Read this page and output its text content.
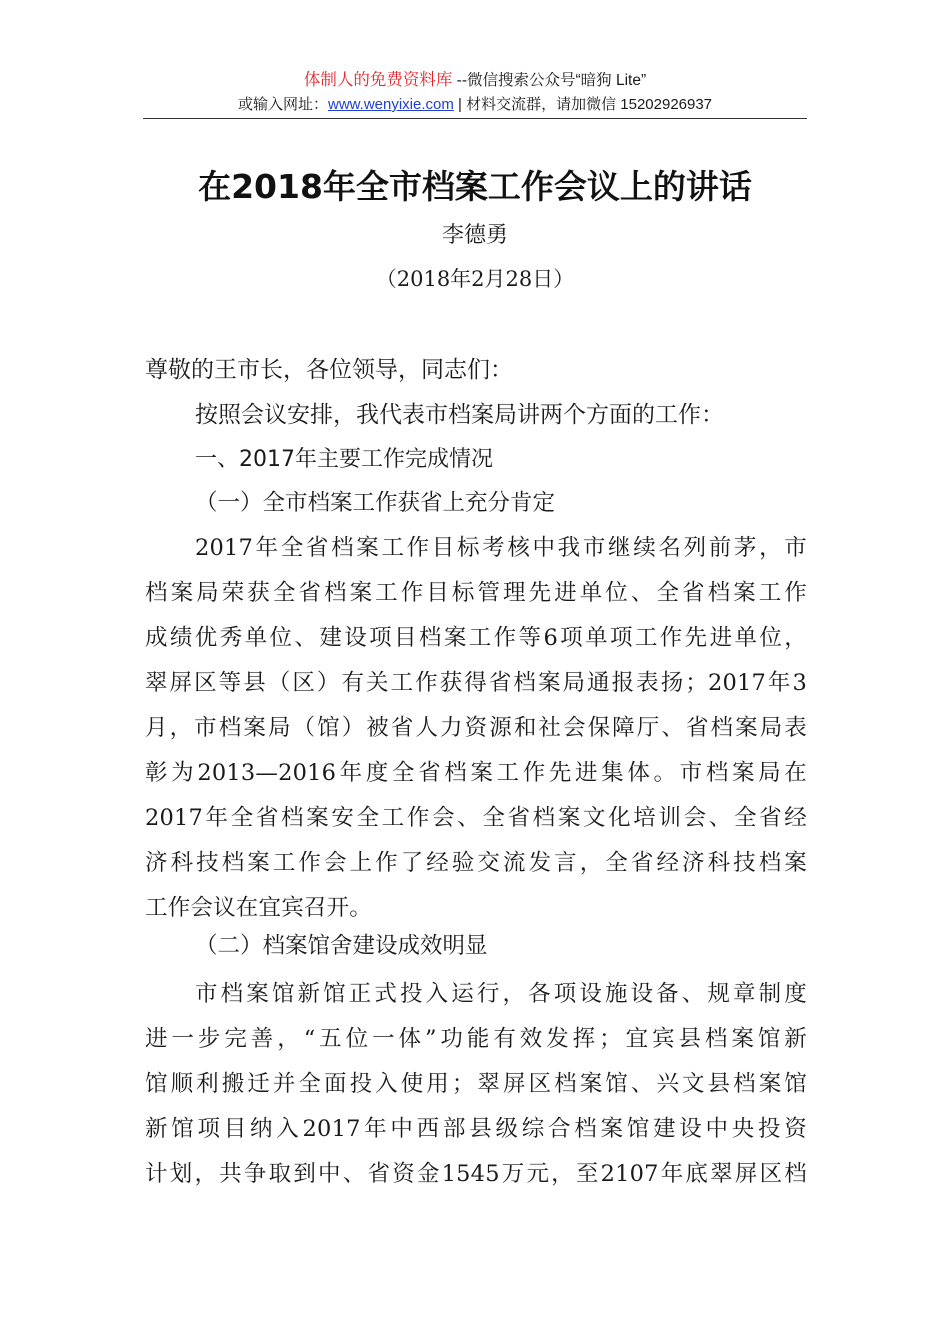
体制人的免费资料库 --微信搜索公众号“暗狗 Lite”
或输入网址：www.wenyixie.com | 材料交流群，请加微信 15202926937
在2018年全市档案工作会议上的讲话
李德勇
（2018年2月28日）
尊敬的王市长，各位领导，同志们：
按照会议安排，我代表市档案局讲两个方面的工作：
一、2017年主要工作完成情况
（一）全市档案工作获省上充分肯定
2017年全省档案工作目标考核中我市继续名列前茅，市
档案局荣获全省档案工作目标管理先进单位、全省档案工作
成绩优秀单位、建设项目档案工作等6项单项工作先进单位，
翠屏区等县（区）有关工作获得省档案局通报表扬；2017年3
月，市档案局（馆）被省人力资源和社会保障厅、省档案局表
彰为2013—2016年度全省档案工作先进集体。市档案局在
2017年全省档案安全工作会、全省档案文化培训会、全省经
济科技档案工作会上作了经验交流发言，全省经济科技档案
工作会议在宜宾召开。
（二）档案馆舍建设成效明显
市档案馆新馆正式投入运行，各项设施设备、规章制度
进一步完善，“五位一体”功能有效发挥；宜宾县档案馆新
馆顺利搬迁并全面投入使用；翠屏区档案馆、兴文县档案馆
新馆项目纳入2017年中西部县级综合档案馆建设中央投资
计划，共争取到中、省资金1545万元，至2107年底翠屏区档
